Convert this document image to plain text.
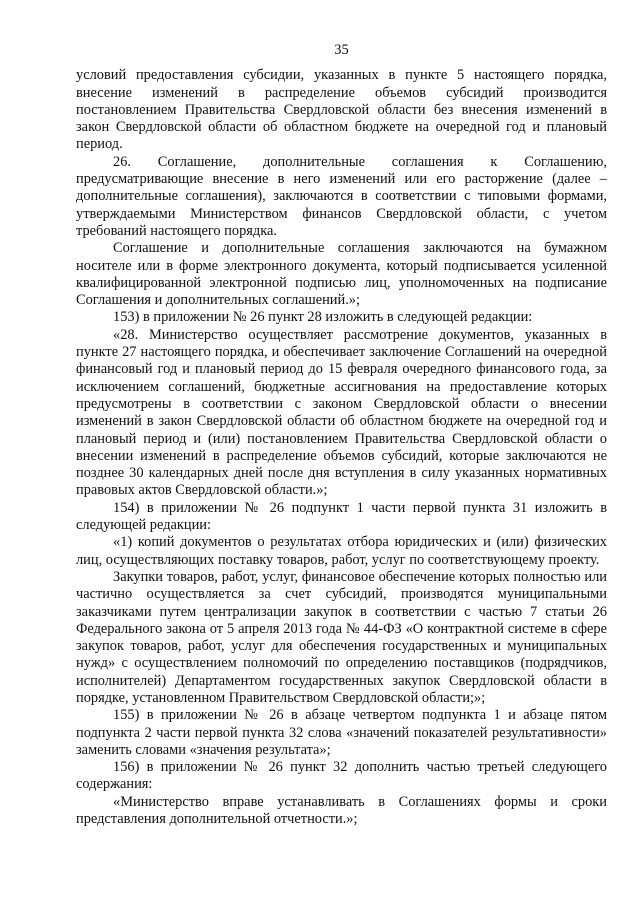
35

условий предоставления субсидии, указанных в пункте 5 настоящего порядка, внесение изменений в распределение объемов субсидий производится постановлением Правительства Свердловской области без внесения изменений в закон Свердловской области об областном бюджете на очередной год и плановый период.

26. Соглашение, дополнительные соглашения к Соглашению, предусматривающие внесение в него изменений или его расторжение (далее – дополнительные соглашения), заключаются в соответствии с типовыми формами, утверждаемыми Министерством финансов Свердловской области, с учетом требований настоящего порядка.

Соглашение и дополнительные соглашения заключаются на бумажном носителе или в форме электронного документа, который подписывается усиленной квалифицированной электронной подписью лиц, уполномоченных на подписание Соглашения и дополнительных соглашений.»;

153) в приложении № 26 пункт 28 изложить в следующей редакции:

«28. Министерство осуществляет рассмотрение документов, указанных в пункте 27 настоящего порядка, и обеспечивает заключение Соглашений на очередной финансовый год и плановый период до 15 февраля очередного финансового года, за исключением соглашений, бюджетные ассигнования на предоставление которых предусмотрены в соответствии с законом Свердловской области о внесении изменений в закон Свердловской области об областном бюджете на очередной год и плановый период и (или) постановлением Правительства Свердловской области о внесении изменений в распределение объемов субсидий, которые заключаются не позднее 30 календарных дней после дня вступления в силу указанных нормативных правовых актов Свердловской области.»;

154) в приложении № 26 подпункт 1 части первой пункта 31 изложить в следующей редакции:

«1) копий документов о результатах отбора юридических и (или) физических лиц, осуществляющих поставку товаров, работ, услуг по соответствующему проекту.

Закупки товаров, работ, услуг, финансовое обеспечение которых полностью или частично осуществляется за счет субсидий, производятся муниципальными заказчиками путем централизации закупок в соответствии с частью 7 статьи 26 Федерального закона от 5 апреля 2013 года № 44-ФЗ «О контрактной системе в сфере закупок товаров, работ, услуг для обеспечения государственных и муниципальных нужд» с осуществлением полномочий по определению поставщиков (подрядчиков, исполнителей) Департаментом государственных закупок Свердловской области в порядке, установленном Правительством Свердловской области;»;

155) в приложении № 26 в абзаце четвертом подпункта 1 и абзаце пятом подпункта 2 части первой пункта 32 слова «значений показателей результативности» заменить словами «значения результата»;

156) в приложении № 26 пункт 32 дополнить частью третьей следующего содержания:

«Министерство вправе устанавливать в Соглашениях формы и сроки представления дополнительной отчетности.»;
